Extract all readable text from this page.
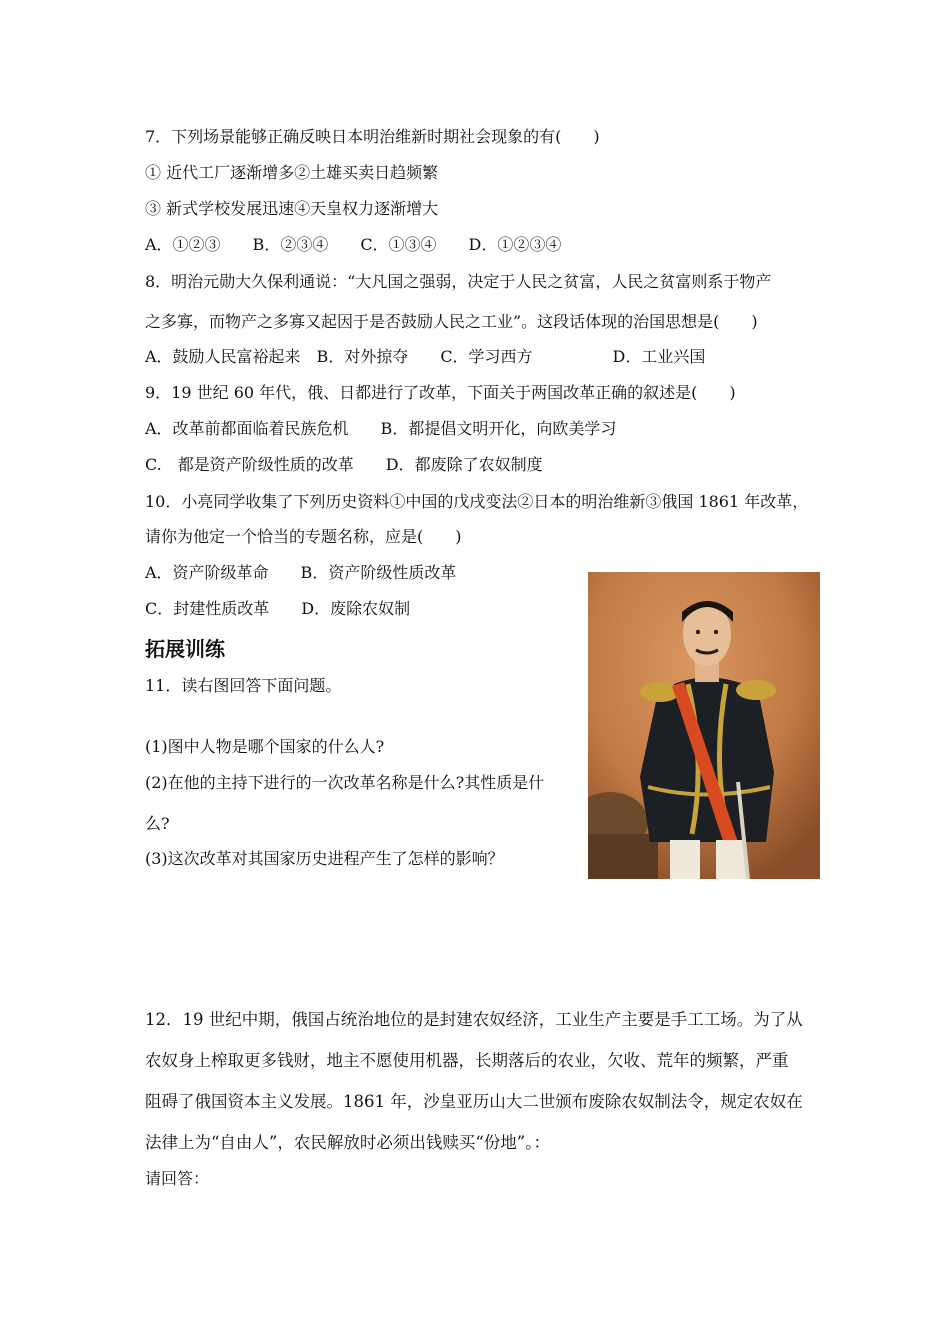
7．下列场景能够正确反映日本明治维新时期社会现象的有(　　)
① 近代工厂逐渐增多②土雄买卖日趋频繁
③ 新式学校发展迅速④天皇权力逐渐增大
A．①②③　　B．②③④　　C．①③④　　D．①②③④
8．明治元勋大久保利通说：“大凡国之强弱，决定于人民之贫富，人民之贫富则系于物产
之多寡，而物产之多寡又起因于是否鼓励人民之工业”。这段话体现的治国思想是(　　)
A．鼓励人民富裕起来　B．对外掠夺　　C．学习西方　　　　　D．工业兴国
9．19 世纪 60 年代，俄、日都进行了改革，下面关于两国改革正确的叙述是(　　)
A．改革前都面临着民族危机　　B．都提倡文明开化，向欧美学习
C.　都是资产阶级性质的改革　　D．都废除了农奴制度
10．小亮同学收集了下列历史资料①中国的戊戌变法②日本的明治维新③俄国 1861 年改革，
请你为他定一个恰当的专题名称，应是(　　)
A．资产阶级革命　　B．资产阶级性质改革
C．封建性质改革　　D．废除农奴制
拓展训练
11．读右图回答下面问题。
(1)图中人物是哪个国家的什么人?
(2)在他的主持下进行的一次改革名称是什么?其性质是什
么?
(3)这次改革对其国家历史进程产生了怎样的影响？
12．19 世纪中期，俄国占统治地位的是封建农奴经济，工业生产主要是手工工场。为了从
农奴身上榨取更多钱财，地主不愿使用机器，长期落后的农业，欠收、荒年的频繁，严重
阻碍了俄国资本主义发展。1861 年，沙皇亚历山大二世颁布废除农奴制法令，规定农奴在
法律上为“自由人”，农民解放时必须出钱赎买“份地”。：
请回答：
